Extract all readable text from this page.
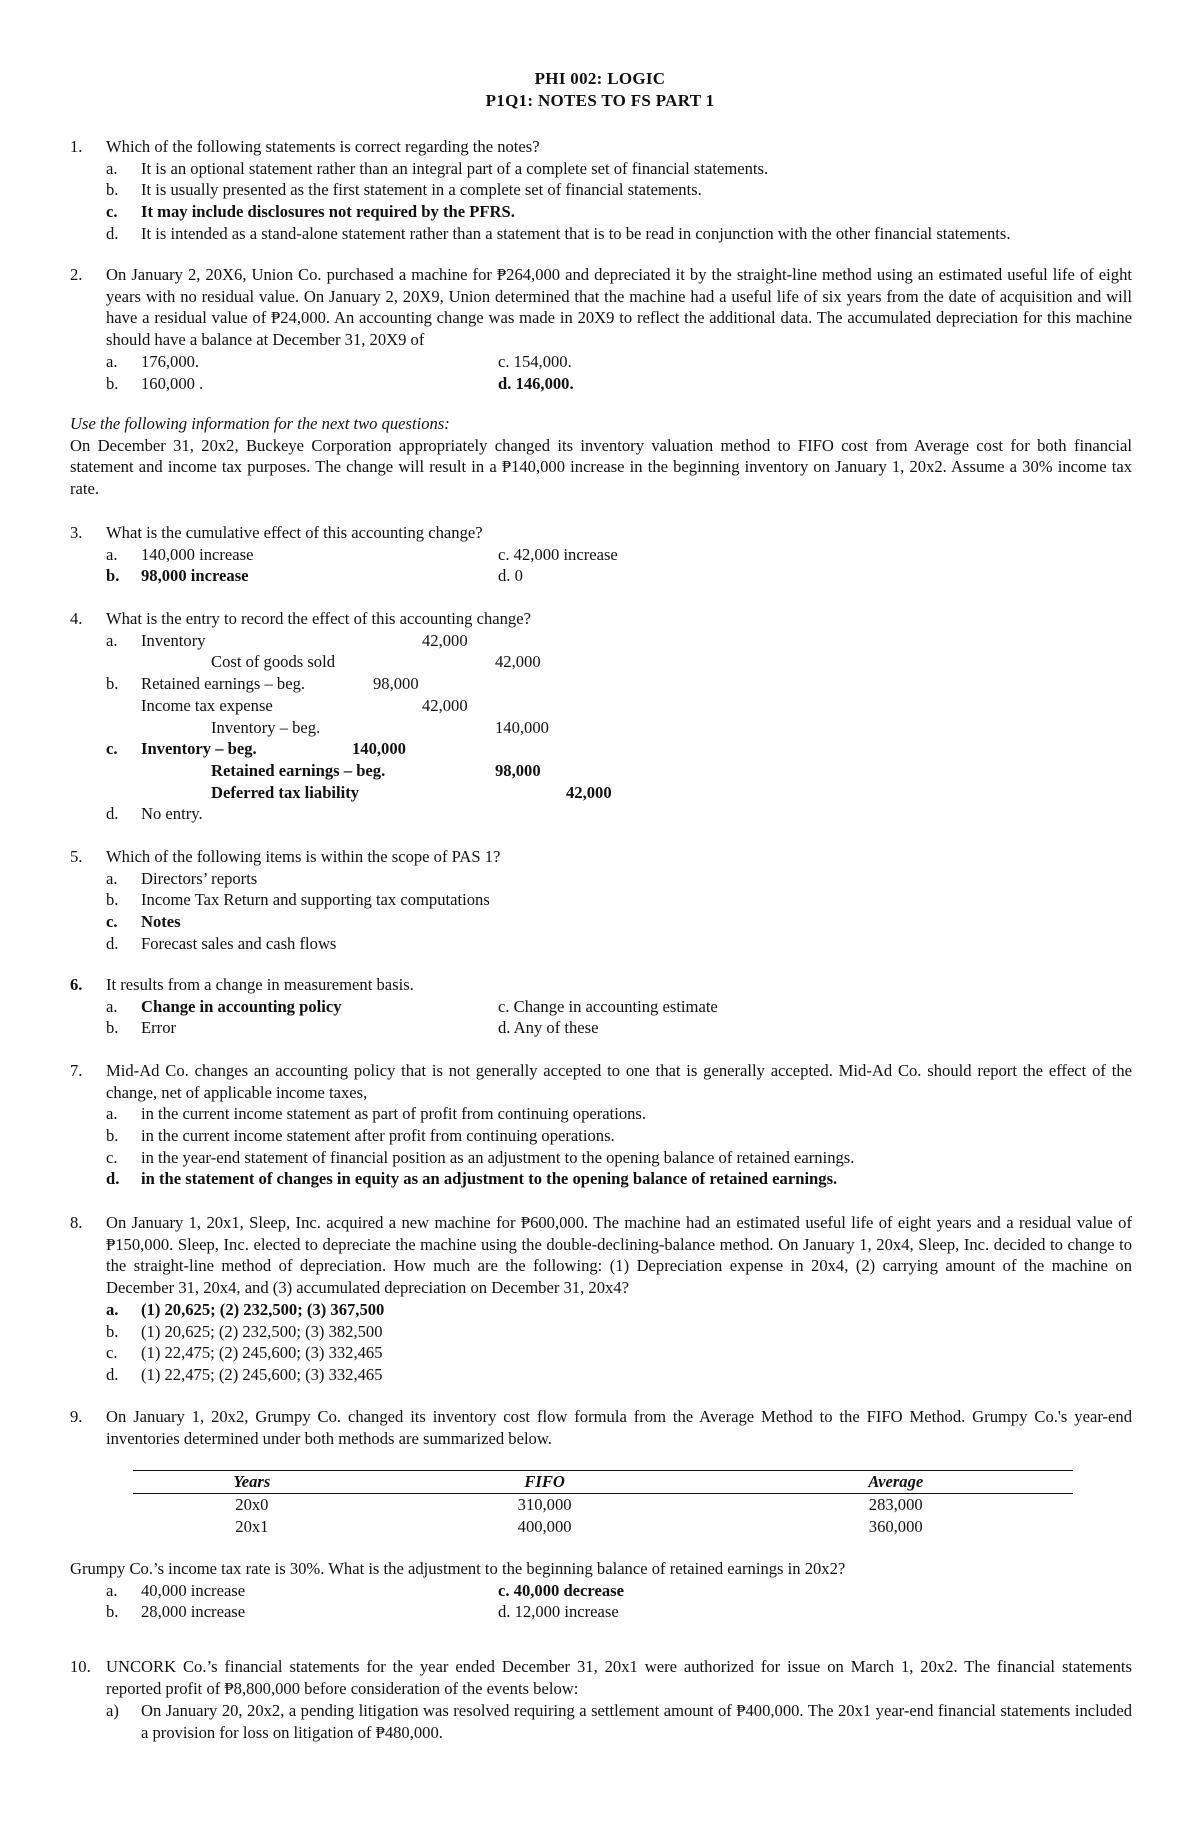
PHI 002: LOGIC
P1Q1: NOTES TO FS PART 1
1.	Which of the following statements is correct regarding the notes?
a. It is an optional statement rather than an integral part of a complete set of financial statements.
b. It is usually presented as the first statement in a complete set of financial statements.
c. It may include disclosures not required by the PFRS.
d. It is intended as a stand-alone statement rather than a statement that is to be read in conjunction with the other financial statements.
2.	On January 2, 20X6, Union Co. purchased a machine for ₱264,000 and depreciated it by the straight-line method using an estimated useful life of eight years with no residual value. On January 2, 20X9, Union determined that the machine had a useful life of six years from the date of acquisition and will have a residual value of ₱24,000. An accounting change was made in 20X9 to reflect the additional data. The accumulated depreciation for this machine should have a balance at December 31, 20X9 of
a. 176,000.	c. 154,000.
b. 160,000 .	d. 146,000.
Use the following information for the next two questions:
On December 31, 20x2, Buckeye Corporation appropriately changed its inventory valuation method to FIFO cost from Average cost for both financial statement and income tax purposes. The change will result in a ₱140,000 increase in the beginning inventory on January 1, 20x2. Assume a 30% income tax rate.
3.	What is the cumulative effect of this accounting change?
a. 140,000 increase	c. 42,000 increase
b. 98,000 increase	d. 0
4.	What is the entry to record the effect of this accounting change?
a. Inventory	42,000
Cost of goods sold	42,000
b. Retained earnings – beg.	98,000
Income tax expense	42,000
Inventory – beg.	140,000
c. Inventory – beg.	140,000
Retained earnings – beg.	98,000
Deferred tax liability	42,000
d. No entry.
5.	Which of the following items is within the scope of PAS 1?
a. Directors’ reports
b. Income Tax Return and supporting tax computations
c. Notes
d. Forecast sales and cash flows
6.	It results from a change in measurement basis.
a. Change in accounting policy	c. Change in accounting estimate
b. Error	d. Any of these
7.	Mid-Ad Co. changes an accounting policy that is not generally accepted to one that is generally accepted. Mid-Ad Co. should report the effect of the change, net of applicable income taxes,
a. in the current income statement as part of profit from continuing operations.
b. in the current income statement after profit from continuing operations.
c. in the year-end statement of financial position as an adjustment to the opening balance of retained earnings.
d. in the statement of changes in equity as an adjustment to the opening balance of retained earnings.
8.	On January 1, 20x1, Sleep, Inc. acquired a new machine for ₱600,000. The machine had an estimated useful life of eight years and a residual value of ₱150,000. Sleep, Inc. elected to depreciate the machine using the double-declining-balance method. On January 1, 20x4, Sleep, Inc. decided to change to the straight-line method of depreciation. How much are the following: (1) Depreciation expense in 20x4, (2) carrying amount of the machine on December 31, 20x4, and (3) accumulated depreciation on December 31, 20x4?
a. (1) 20,625; (2) 232,500; (3) 367,500
b. (1) 20,625; (2) 232,500; (3) 382,500
c. (1) 22,475; (2) 245,600; (3) 332,465
d. (1) 22,475; (2) 245,600; (3) 332,465
9.	On January 1, 20x2, Grumpy Co. changed its inventory cost flow formula from the Average Method to the FIFO Method. Grumpy Co.'s year-end inventories determined under both methods are summarized below.
Years	FIFO	Average
20x0	310,000	283,000
20x1	400,000	360,000
Grumpy Co.’s income tax rate is 30%. What is the adjustment to the beginning balance of retained earnings in 20x2?
a. 40,000 increase	c. 40,000 decrease
b. 28,000 increase	d. 12,000 increase
10. UNCORK Co.’s financial statements for the year ended December 31, 20x1 were authorized for issue on March 1, 20x2. The financial statements reported profit of ₱8,800,000 before consideration of the events below:
a) On January 20, 20x2, a pending litigation was resolved requiring a settlement amount of ₱400,000. The 20x1 year-end financial statements included a provision for loss on litigation of ₱480,000.
